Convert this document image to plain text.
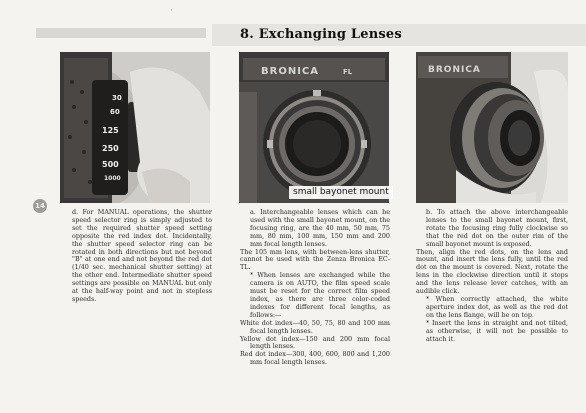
8. Exchanging Lenses
·
30
60
125
250
500
1000
BRONICA	FL
small bayonet mount
BRONICA
14

d. For MANUAL operations, the shutter speed selector ring is simply adjusted to set the required shutter speed setting opposite the red index dot. Incidentally, the shutter speed selector ring can be rotated in both directions but not beyond "B" at one end and not beyond the red dot (1/40 sec. mechanical shutter setting) at the other end. Intermediate shutter speed settings are possible on MANUAL but only at the half-way point and not in stepless speeds.

a. Interchangeable lenses which can be used with the small bayonet mount, on the focusing ring, are the 40 mm, 50 mm, 75 mm, 80 mm, 100 mm, 150 mm and 200 mm focal length lenses.

The 105 mm lens, with between-lens shutter, cannot be used with the Zenza Bronica EC-TL.

* When lenses are exchanged while the camera is on AUTO, the film speed scale must be reset for the correct film speed index, as there are three color-coded indexes for different focal lengths, as follows:—

White dot index—40, 50, 75, 80 and 100 mm focal length lenses.

Yellow dot index—150 and 200 mm focal length lenses.

Red dot index—300, 400, 600, 800 and 1,200 mm focal length lenses.

b. To attach the above interchangeable lenses to the small bayonet mount, first, rotate the focusing ring fully clockwise so that the red dot on the outer rim of the small bayonet mount is exposed.

Then, align the red dots, on the lens and mount, and insert the lens fully, until the red dot on the mount is covered. Next, rotate the lens in the clockwise direction until it stops and the lens release lever catches, with an audible click.

* When correctly attached, the white aperture index dot, as well as the red dot on the lens flange, will be on top.

* Insert the lens in straight and not tilted, as otherwise, it will not be possible to attach it.
